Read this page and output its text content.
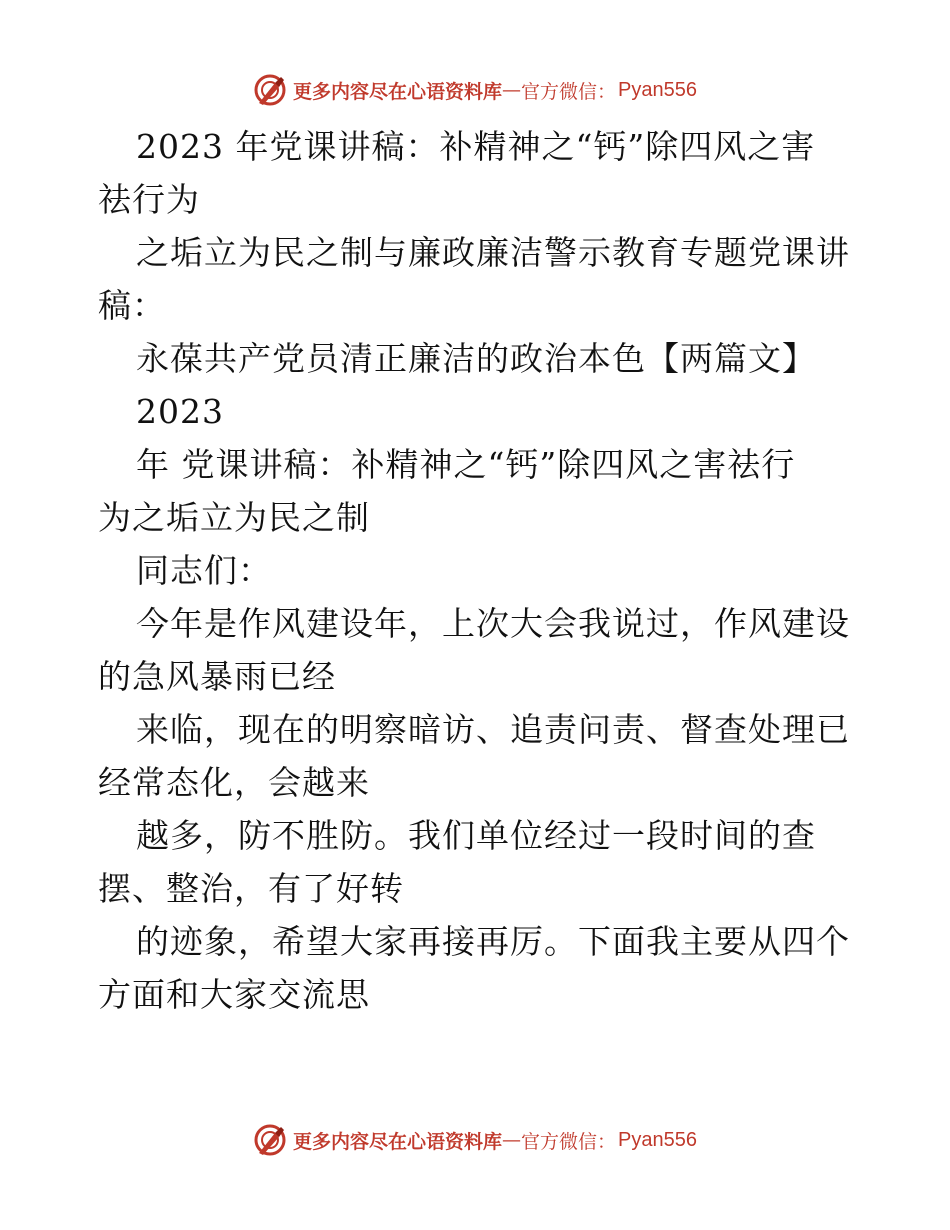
更多内容尽在心语资料库 — 官方微信： Pyan556
2023 年党课讲稿：补精神之“钙”除四风之害
祛行为
之垢立为民之制与廉政廉洁警示教育专题党课讲
稿：
永葆共产党员清正廉洁的政治本色【两篇文】
2023
年 党课讲稿：补精神之“钙”除四风之害祛行
为之垢立为民之制
同志们：
今年是作风建设年，上次大会我说过，作风建设
的急风暴雨已经
来临，现在的明察暗访、追责问责、督查处理已
经常态化，会越来
越多，防不胜防。我们单位经过一段时间的查
摆、整治，有了好转
的迹象，希望大家再接再厉。下面我主要从四个
方面和大家交流思
更多内容尽在心语资料库 — 官方微信： Pyan556
